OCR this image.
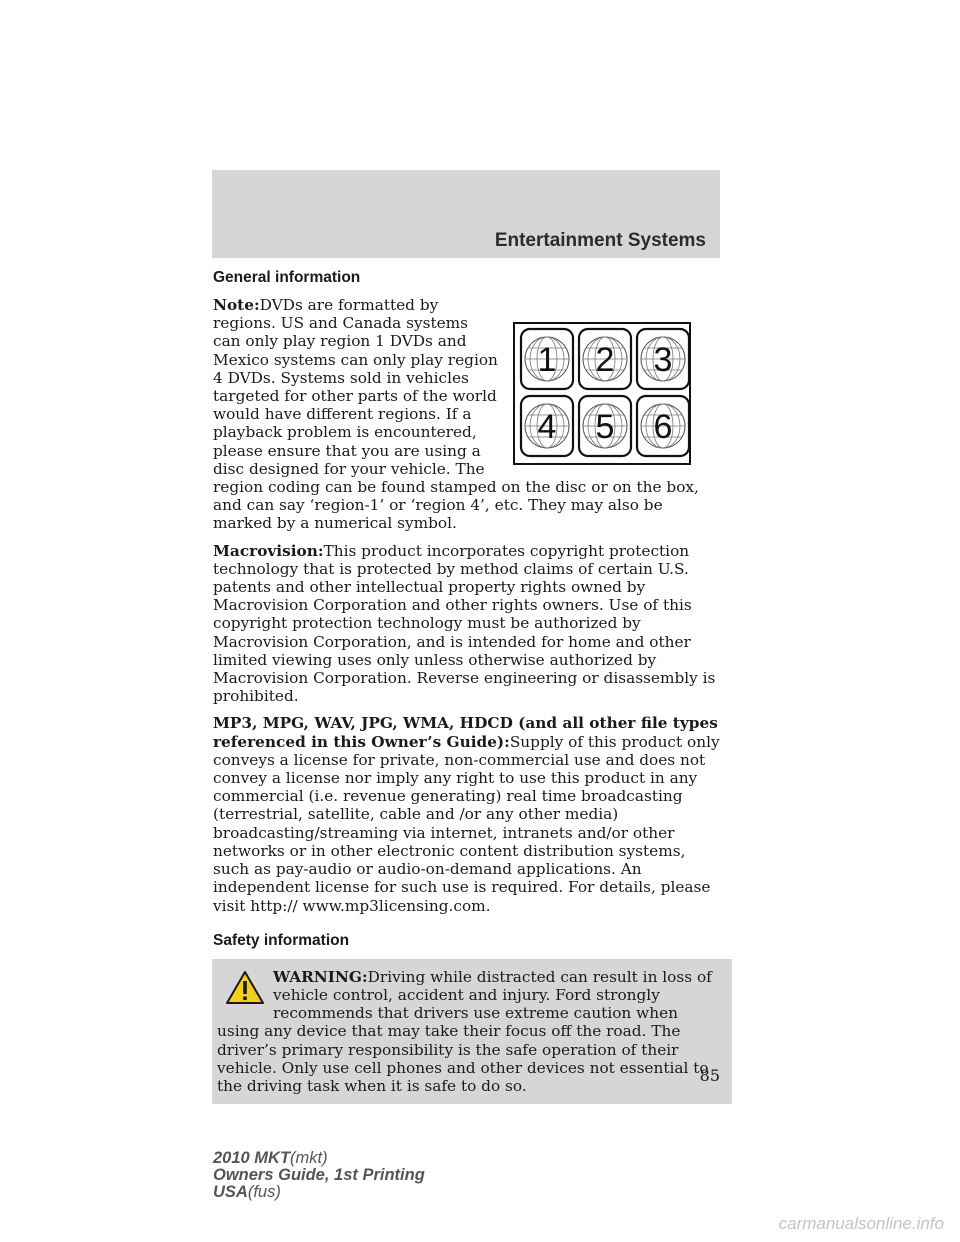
Entertainment Systems
General information
1 2 3
4 5 6

Note:DVDs are formatted by regions. US and Canada systems can only play region 1 DVDs and Mexico systems can only play region 4 DVDs. Systems sold in vehicles targeted for other parts of the world would have different regions. If a playback problem is encountered, please ensure that you are using a disc designed for your vehicle. The region coding can be found stamped on the disc or on the box, and can say ‘region-1’ or ‘region 4’, etc. They may also be marked by a numerical symbol.

Macrovision:This product incorporates copyright protection technology that is protected by method claims of certain U.S. patents and other intellectual property rights owned by Macrovision Corporation and other rights owners. Use of this copyright protection technology must be authorized by Macrovision Corporation, and is intended for home and other limited viewing uses only unless otherwise authorized by Macrovision Corporation. Reverse engineering or disassembly is prohibited.

MP3, MPG, WAV, JPG, WMA, HDCD (and all other file types referenced in this Owner’s Guide):Supply of this product only conveys a license for private, non-commercial use and does not convey a license nor imply any right to use this product in any commercial (i.e. revenue generating) real time broadcasting (terrestrial, satellite, cable and /or any other media) broadcasting/streaming via internet, intranets and/or other networks or in other electronic content distribution systems, such as pay-audio or audio-on-demand applications. An independent license for such use is required. For details, please visit http:// www.mp3licensing.com.

Safety information
WARNING:Driving while distracted can result in loss of vehicle control, accident and injury. Ford strongly recommends that drivers use extreme caution when using any device that may take their focus off the road. The driver’s primary responsibility is the safe operation of their vehicle. Only use cell phones and other devices not essential to the driving task when it is safe to do so.
85
2010 MKT(mkt)
Owners Guide, 1st Printing
USA(fus)
carmanualsonline.info
